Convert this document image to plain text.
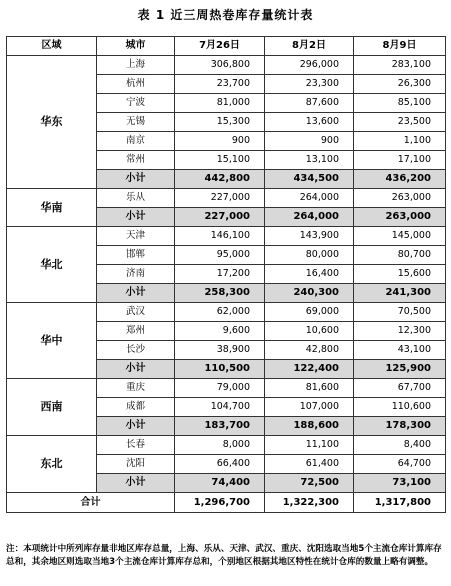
表 1 近三周热卷库存量统计表
区域	城市	7月26日	8月2日	8月9日
华东	上海	306,800	296,000	283,100
	杭州	23,700	23,300	26,300
	宁波	81,000	87,600	85,100
	无锡	15,300	13,600	23,500
	南京	900	900	1,100
	常州	15,100	13,100	17,100
	小计	442,800	434,500	436,200
华南	乐从	227,000	264,000	263,000
	小计	227,000	264,000	263,000
华北	天津	146,100	143,900	145,000
	邯郸	95,000	80,000	80,700
	济南	17,200	16,400	15,600
	小计	258,300	240,300	241,300
华中	武汉	62,000	69,000	70,500
	郑州	9,600	10,600	12,300
	长沙	38,900	42,800	43,100
	小计	110,500	122,400	125,900
西南	重庆	79,000	81,600	67,700
	成都	104,700	107,000	110,600
	小计	183,700	188,600	178,300
东北	长春	8,000	11,100	8,400
	沈阳	66,400	61,400	64,700
	小计	74,400	72,500	73,100
合计		1,296,700	1,322,300	1,317,800
注：本项统计中所列库存量非地区库存总量，上海、乐从、天津、武汉、重庆、沈阳选取当地5个主流仓库计算库存总和，其余地区则选取当地3个主流仓库计算库存总和，个别地区根据其地区特性在统计仓库的数量上略有调整。
